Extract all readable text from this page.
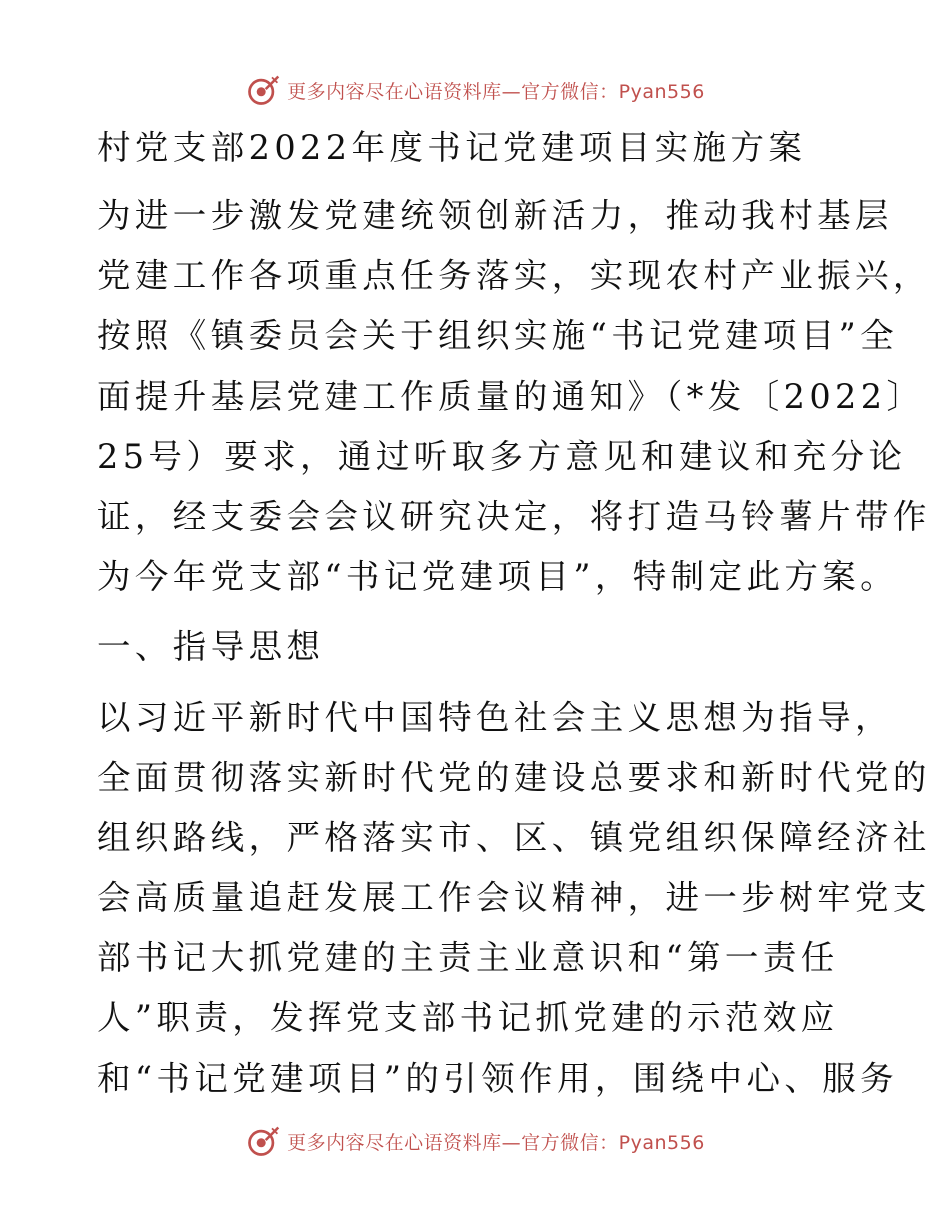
更多内容尽在心语资料库—官方微信：Pyan556
村党支部2022年度书记党建项目实施方案
为进一步激发党建统领创新活力，推动我村基层
党建工作各项重点任务落实，实现农村产业振兴，
按照《镇委员会关于组织实施“书记党建项目”全
面提升基层党建工作质量的通知》（*发〔2022〕
25号）要求，通过听取多方意见和建议和充分论
证，经支委会会议研究决定，将打造马铃薯片带作
为今年党支部“书记党建项目”，特制定此方案。
一、指导思想
以习近平新时代中国特色社会主义思想为指导，
全面贯彻落实新时代党的建设总要求和新时代党的
组织路线，严格落实市、区、镇党组织保障经济社
会高质量追赶发展工作会议精神，进一步树牢党支
部书记大抓党建的主责主业意识和“第一责任
人”职责，发挥党支部书记抓党建的示范效应
和“书记党建项目”的引领作用，围绕中心、服务
更多内容尽在心语资料库—官方微信：Pyan556
